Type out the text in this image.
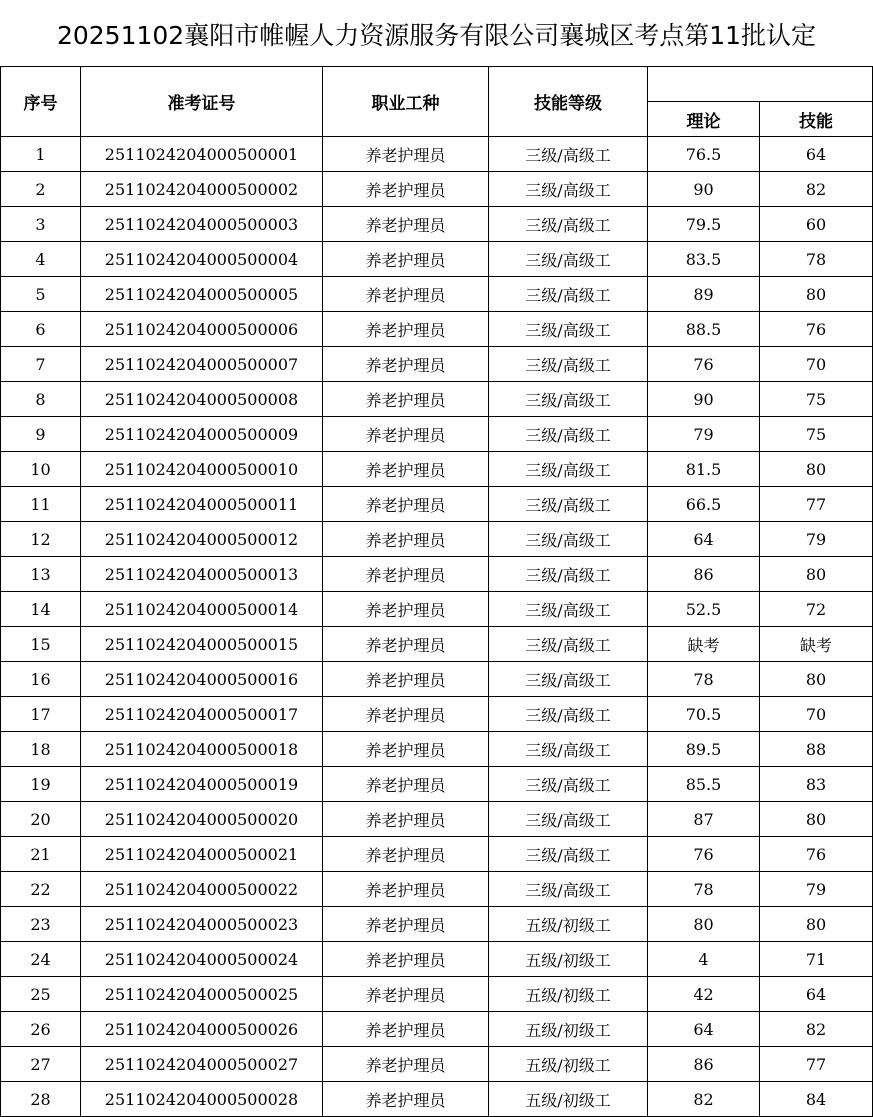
20251102襄阳市帷幄人力资源服务有限公司襄城区考点第11批认定
序号	准考证号	职业工种	技能等级		
				理论	技能
1	2511024204000500001	养老护理员	三级/高级工	76.5	64
2	2511024204000500002	养老护理员	三级/高级工	90	82
3	2511024204000500003	养老护理员	三级/高级工	79.5	60
4	2511024204000500004	养老护理员	三级/高级工	83.5	78
5	2511024204000500005	养老护理员	三级/高级工	89	80
6	2511024204000500006	养老护理员	三级/高级工	88.5	76
7	2511024204000500007	养老护理员	三级/高级工	76	70
8	2511024204000500008	养老护理员	三级/高级工	90	75
9	2511024204000500009	养老护理员	三级/高级工	79	75
10	2511024204000500010	养老护理员	三级/高级工	81.5	80
11	2511024204000500011	养老护理员	三级/高级工	66.5	77
12	2511024204000500012	养老护理员	三级/高级工	64	79
13	2511024204000500013	养老护理员	三级/高级工	86	80
14	2511024204000500014	养老护理员	三级/高级工	52.5	72
15	2511024204000500015	养老护理员	三级/高级工	缺考	缺考
16	2511024204000500016	养老护理员	三级/高级工	78	80
17	2511024204000500017	养老护理员	三级/高级工	70.5	70
18	2511024204000500018	养老护理员	三级/高级工	89.5	88
19	2511024204000500019	养老护理员	三级/高级工	85.5	83
20	2511024204000500020	养老护理员	三级/高级工	87	80
21	2511024204000500021	养老护理员	三级/高级工	76	76
22	2511024204000500022	养老护理员	三级/高级工	78	79
23	2511024204000500023	养老护理员	五级/初级工	80	80
24	2511024204000500024	养老护理员	五级/初级工	4	71
25	2511024204000500025	养老护理员	五级/初级工	42	64
26	2511024204000500026	养老护理员	五级/初级工	64	82
27	2511024204000500027	养老护理员	五级/初级工	86	77
28	2511024204000500028	养老护理员	五级/初级工	82	84
